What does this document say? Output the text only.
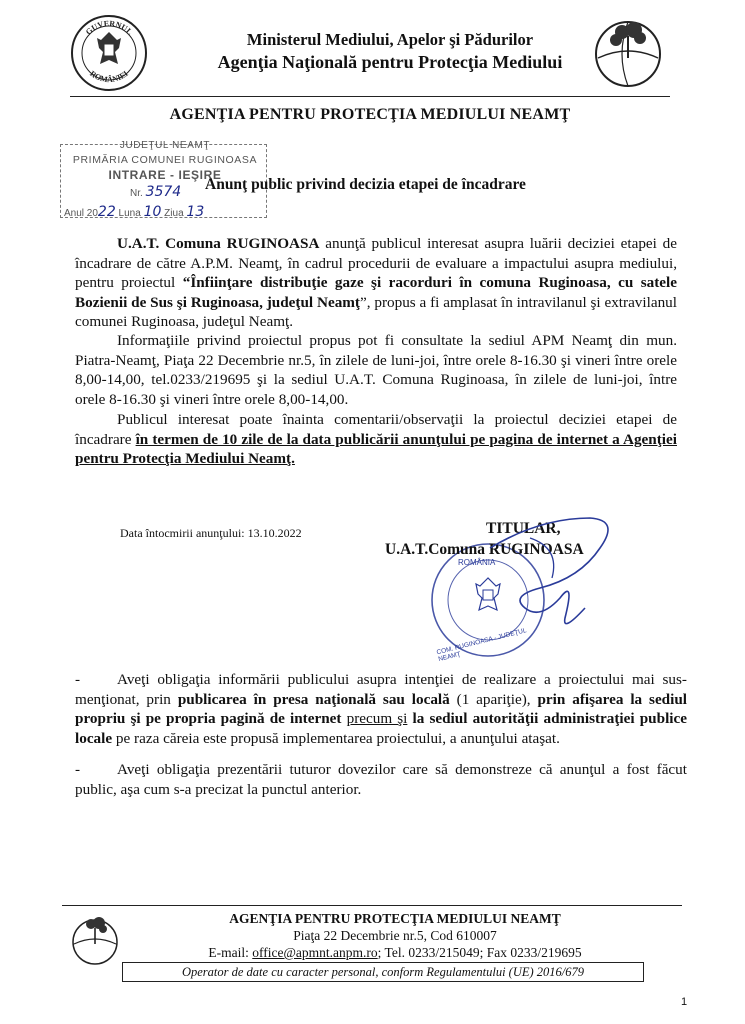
GUVERNUL
ROMÂNIEI
Ministerul Mediului, Apelor şi Pădurilor
Agenţia Naţională pentru Protecţia Mediului
AGENŢIA PENTRU PROTECŢIA MEDIULUI NEAMŢ
JUDEŢUL NEAMŢ
PRIMĂRIA COMUNEI RUGINOASA
INTRARE - IEŞIRE
Nr. 3574
Anul 2022 Luna 10 Ziua 13
Anunţ public privind decizia etapei de încadrare

U.A.T. Comuna RUGINOASA anunţă publicul interesat asupra luării deciziei etapei de încadrare de către A.P.M. Neamţ, în cadrul procedurii de evaluare a impactului asupra mediului, pentru proiectul “Înfiinţare distribuţie gaze şi racorduri în comuna Ruginoasa, cu satele Bozienii de Sus şi Ruginoasa, judeţul Neamţ”, propus a fi amplasat în intravilanul şi extravilanul comunei Ruginoasa, judeţul Neamţ.

Informaţiile privind proiectul propus pot fi consultate la sediul APM Neamţ din mun. Piatra-Neamţ, Piaţa 22 Decembrie nr.5, în zilele de luni-joi, între orele 8-16.30 şi vineri între orele 8,00-14,00, tel.0233/219695 şi la sediul U.A.T. Comuna Ruginoasa, în zilele de luni-joi, între orele 8-16.30 şi vineri între orele 8,00-14,00.

Publicul interesat poate înainta comentarii/observaţii la proiectul deciziei etapei de încadrare în termen de 10 zile de la data publicării anunţului pe pagina de internet a Agenţiei pentru Protecţia Mediului Neamţ.

Data întocmirii anunţului: 13.10.2022
ROMÂNIA
COM. RUGINOASA - JUDEŢUL NEAMŢ
TITULAR,
U.A.T.Comuna RUGINOASA
- Aveţi obligaţia informării publicului asupra intenţiei de realizare a proiectului mai sus-menţionat, prin publicarea în presa naţională sau locală (1 apariţie), prin afişarea la sediul propriu şi pe propria pagină de internet precum şi la sediul autorităţii administraţiei publice locale pe raza căreia este propusă implementarea proiectului, a anunţului ataşat.
- Aveţi obligaţia prezentării tuturor dovezilor care să demonstreze că anunţul a fost făcut public, aşa cum s-a precizat la punctul anterior.
AGENŢIA PENTRU PROTECŢIA MEDIULUI NEAMŢ
Piaţa 22 Decembrie nr.5, Cod 610007
E-mail: office@apmnt.anpm.ro; Tel. 0233/215049; Fax 0233/219695
Operator de date cu caracter personal, conform Regulamentului (UE) 2016/679
1
